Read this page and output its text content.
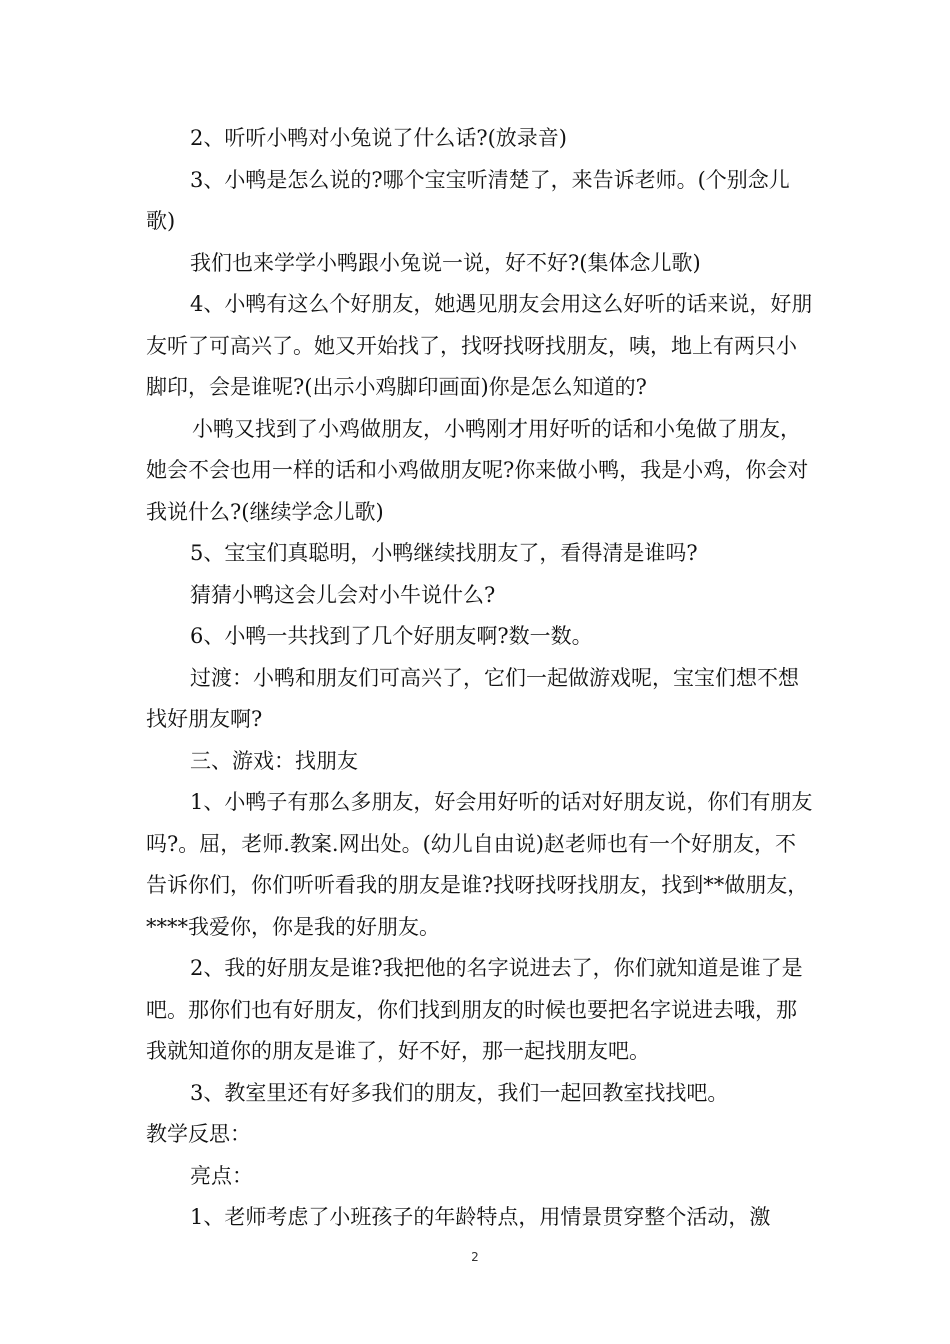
2、听听小鸭对小兔说了什么话?(放录音)

3、小鸭是怎么说的?哪个宝宝听清楚了，来告诉老师。(个别念儿歌)

我们也来学学小鸭跟小兔说一说，好不好?(集体念儿歌)

4、小鸭有这么个好朋友，她遇见朋友会用这么好听的话来说，好朋友听了可高兴了。她又开始找了，找呀找呀找朋友，咦，地上有两只小脚印，会是谁呢?(出示小鸡脚印画面)你是怎么知道的?

小鸭又找到了小鸡做朋友，小鸭刚才用好听的话和小兔做了朋友，她会不会也用一样的话和小鸡做朋友呢?你来做小鸭，我是小鸡，你会对我说什么?(继续学念儿歌)

5、宝宝们真聪明，小鸭继续找朋友了，看得清是谁吗?

猜猜小鸭这会儿会对小牛说什么?

6、小鸭一共找到了几个好朋友啊?数一数。

过渡：小鸭和朋友们可高兴了，它们一起做游戏呢，宝宝们想不想找好朋友啊?

三、游戏：找朋友

1、小鸭子有那么多朋友，好会用好听的话对好朋友说，你们有朋友吗?。屈，老师.教案.网出处。(幼儿自由说)赵老师也有一个好朋友，不告诉你们，你们听听看我的朋友是谁?找呀找呀找朋友，找到**做朋友，****我爱你，你是我的好朋友。

2、我的好朋友是谁?我把他的名字说进去了，你们就知道是谁了是吧。那你们也有好朋友，你们找到朋友的时候也要把名字说进去哦，那我就知道你的朋友是谁了，好不好，那一起找朋友吧。

3、教室里还有好多我们的朋友，我们一起回教室找找吧。

教学反思：

亮点：

1、老师考虑了小班孩子的年龄特点，用情景贯穿整个活动，激

2
